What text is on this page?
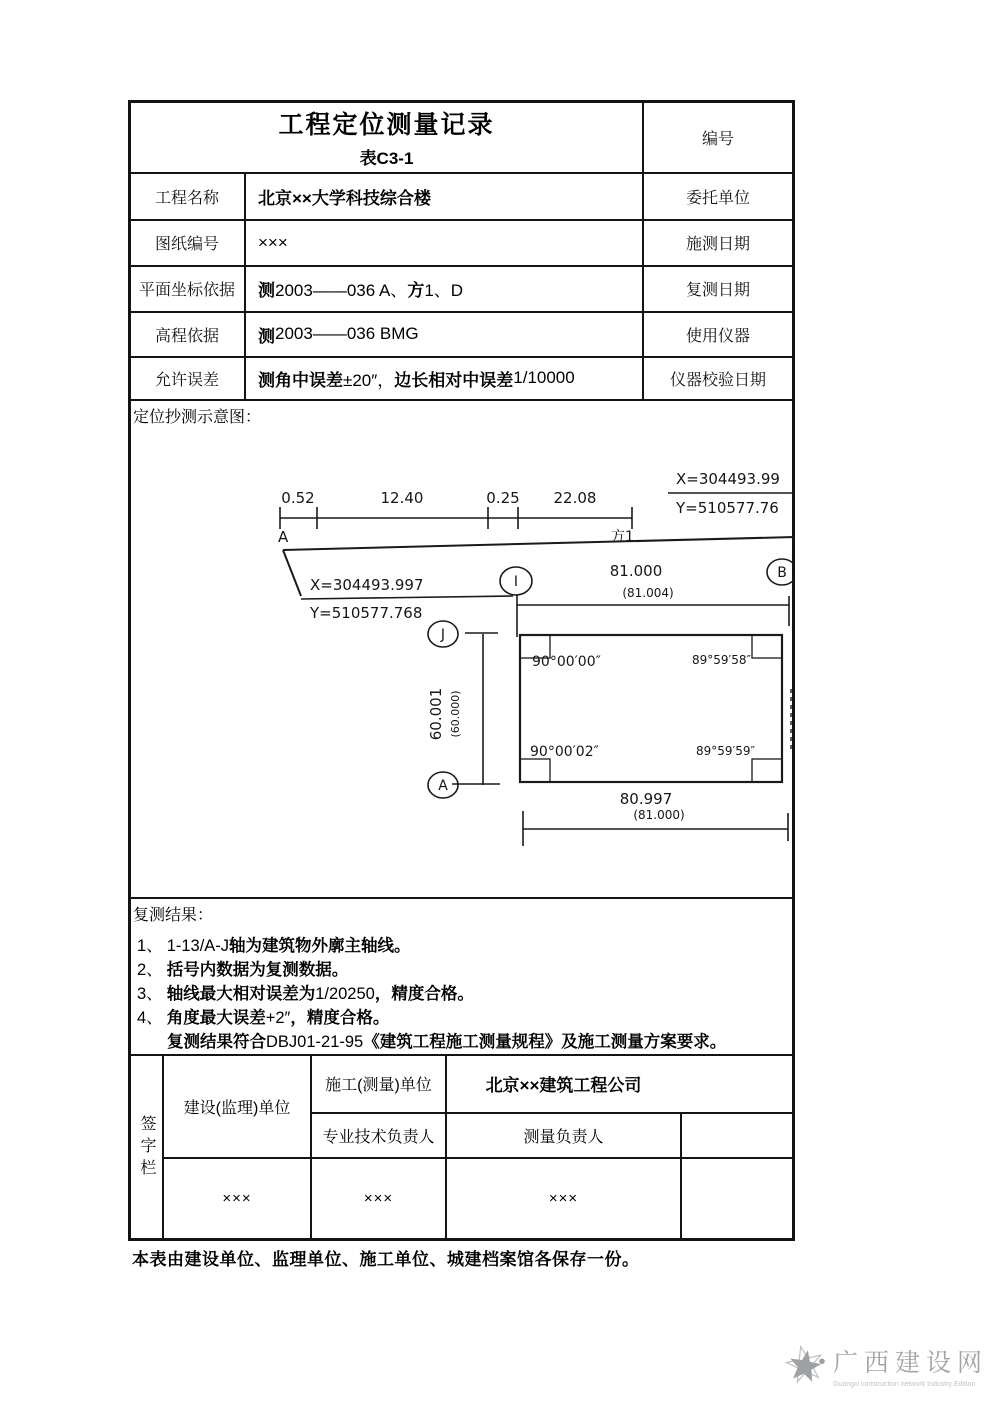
工程定位测量记录
表C3-1
编号
工程名称	北京××大学科技综合楼	委托单位
图纸编号	×××	施测日期
平面坐标依据	测 2003——036 A、 方 1、D	复测日期
高程依据	测 2003——036 BMG	使用仪器
允许误差	测角中误差 ±20″， 边长相对中误差 1/10000	仪器校验日期
定位抄测示意图：
0.52	12.40	0.25 22.08
A	方1
X=304493.99
Y=510577.76
X=304493.997
Y=510577.768
I
B
J
A
81.000
(81.004)
60.001 (60.000)
80.997
(81.000)
90°00′00″	89°59′58″
90°00′02″	89°59′59″
复测结果：
1、 1-13/A-J轴为建筑物外廓主轴线。
2、 括号内数据为复测数据。
3、 轴线最大相对误差为1/20250，精度合格。
4、 角度最大误差+2″，精度合格。
复测结果符合DBJ01-21-95《建筑工程施工测量规程》及施工测量方案要求。
签字栏
建设(监理)单位
施工(测量)单位	北京××建筑工程公司
专业技术负责人	测量负责人
×××	×××	×××
本表由建设单位、监理单位、施工单位、城建档案馆各保存一份。
广西建设网
Guangxi construction network Industry Edition
